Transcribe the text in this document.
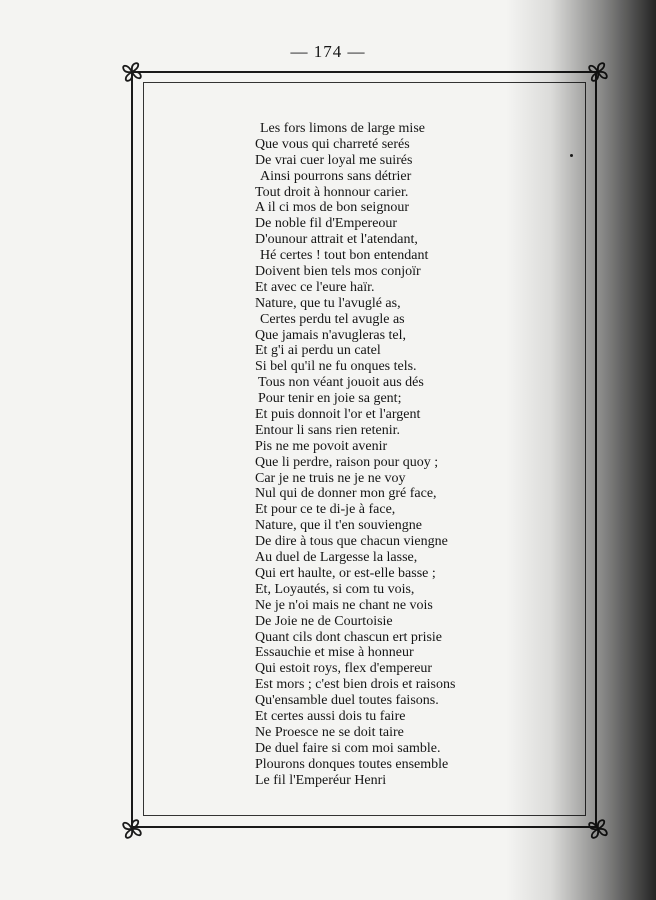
— 174 —
Les fors limons de large mise
Que vous qui charreté serés
De vrai cuer loyal me suirés
Ainsi pourrons sans détrier
Tout droit à honnour carier.
A il ci mos de bon seignour
De noble fil d'Empereour
D'ounour attrait et l'atendant,
Hé certes ! tout bon entendant
Doivent bien tels mos conjoïr
Et avec ce l'eure haïr.
Nature, que tu l'avuglé as,
Certes perdu tel avugle as
Que jamais n'avugleras tel,
Et g'i ai perdu un catel
Si bel qu'il ne fu onques tels.
Tous non véant jouoit aus dés
Pour tenir en joie sa gent;
Et puis donnoit l'or et l'argent
Entour li sans rien retenir.
Pis ne me povoit avenir
Que li perdre, raison pour quoy ;
Car je ne truis ne je ne voy
Nul qui de donner mon gré face,
Et pour ce te di-je à face,
Nature, que il t'en souviengne
De dire à tous que chacun viengne
Au duel de Largesse la lasse,
Qui ert haulte, or est-elle basse ;
Et, Loyautés, si com tu vois,
Ne je n'oi mais ne chant ne vois
De Joie ne de Courtoisie
Quant cils dont chascun ert prisie
Essauchie et mise à honneur
Qui estoit roys, flex d'empereur
Est mors ; c'est bien drois et raisons
Qu'ensamble duel toutes faisons.
Et certes aussi dois tu faire
Ne Proesce ne se doit taire
De duel faire si com moi samble.
Plourons donques toutes ensemble
Le fil l'Emperéur Henri
